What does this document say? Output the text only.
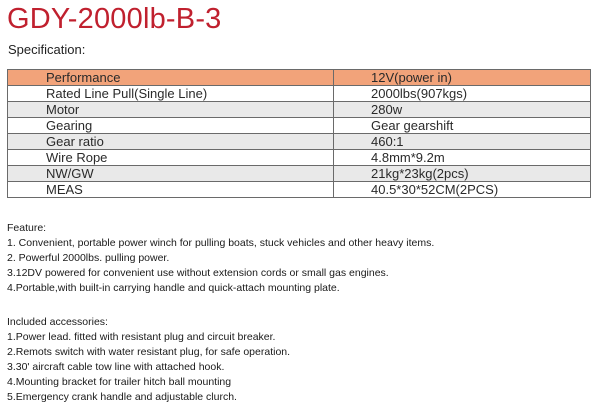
GDY-2000lb-B-3
Specification:
Performance	12V(power in)
Rated Line Pull(Single Line)	2000lbs(907kgs)
Motor	280w
Gearing	Gear gearshift
Gear ratio	460:1
Wire Rope	4.8mm*9.2m
NW/GW	21kg*23kg(2pcs)
MEAS	40.5*30*52CM(2PCS)
Feature:
1. Convenient, portable power winch for pulling boats, stuck vehicles and other heavy items.
2. Powerful 2000lbs. pulling power.
3.12DV powered for convenient use without extension cords or small gas engines.
4.Portable,with built-in carrying handle and quick-attach mounting plate.
Included accessories:
1.Power lead. fitted with resistant plug and circuit breaker.
2.Remots switch with water resistant plug, for safe operation.
3.30' aircraft cable tow line with attached hook.
4.Mounting bracket for trailer hitch ball mounting
5.Emergency crank handle and adjustable clurch.
